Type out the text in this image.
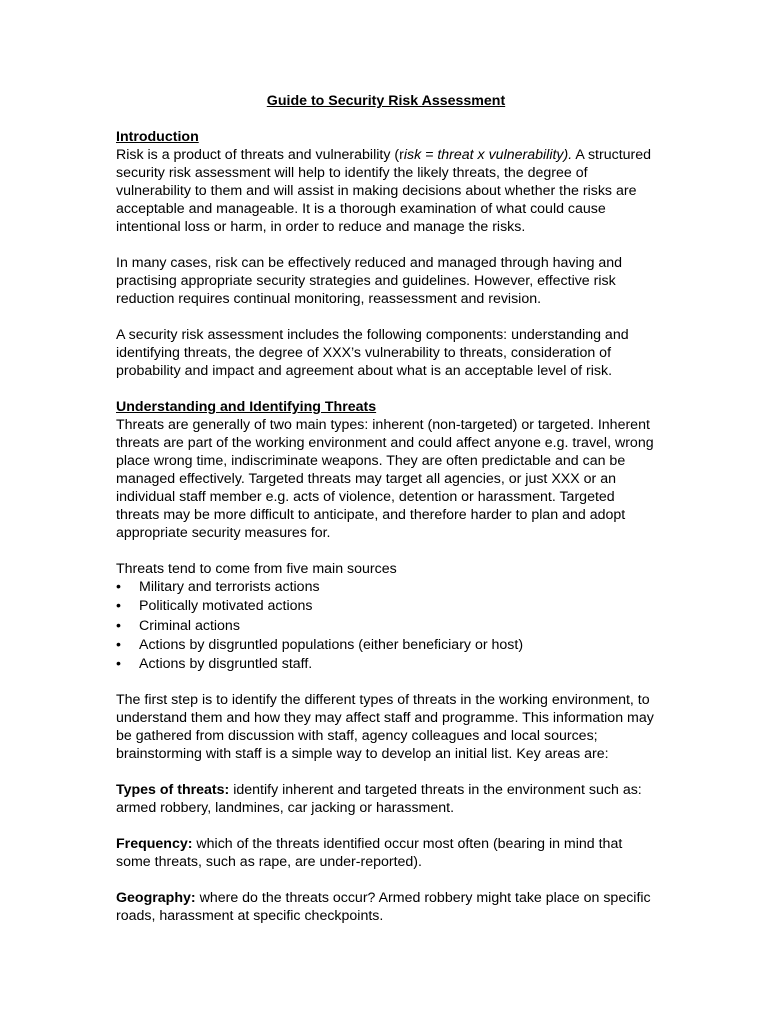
Guide to Security Risk Assessment
Introduction

Risk is a product of threats and vulnerability (risk = threat x vulnerability). A structured security risk assessment will help to identify the likely threats, the degree of vulnerability to them and will assist in making decisions about whether the risks are acceptable and manageable. It is a thorough examination of what could cause intentional loss or harm, in order to reduce and manage the risks.

In many cases, risk can be effectively reduced and managed through having and practising appropriate security strategies and guidelines. However, effective risk reduction requires continual monitoring, reassessment and revision.

A security risk assessment includes the following components: understanding and identifying threats, the degree of XXX’s vulnerability to threats, consideration of probability and impact and agreement about what is an acceptable level of risk.

Understanding and Identifying Threats

Threats are generally of two main types: inherent (non-targeted) or targeted. Inherent threats are part of the working environment and could affect anyone e.g. travel, wrong place wrong time, indiscriminate weapons. They are often predictable and can be managed effectively. Targeted threats may target all agencies, or just XXX or an individual staff member e.g. acts of violence, detention or harassment. Targeted threats may be more difficult to anticipate, and therefore harder to plan and adopt appropriate security measures for.

Threats tend to come from five main sources
• Military and terrorists actions
• Politically motivated actions
• Criminal actions
• Actions by disgruntled populations (either beneficiary or host)
• Actions by disgruntled staff.

The first step is to identify the different types of threats in the working environment, to understand them and how they may affect staff and programme. This information may be gathered from discussion with staff, agency colleagues and local sources; brainstorming with staff is a simple way to develop an initial list. Key areas are:

Types of threats: identify inherent and targeted threats in the environment such as: armed robbery, landmines, car jacking or harassment.

Frequency: which of the threats identified occur most often (bearing in mind that some threats, such as rape, are under-reported).

Geography: where do the threats occur? Armed robbery might take place on specific roads, harassment at specific checkpoints.
